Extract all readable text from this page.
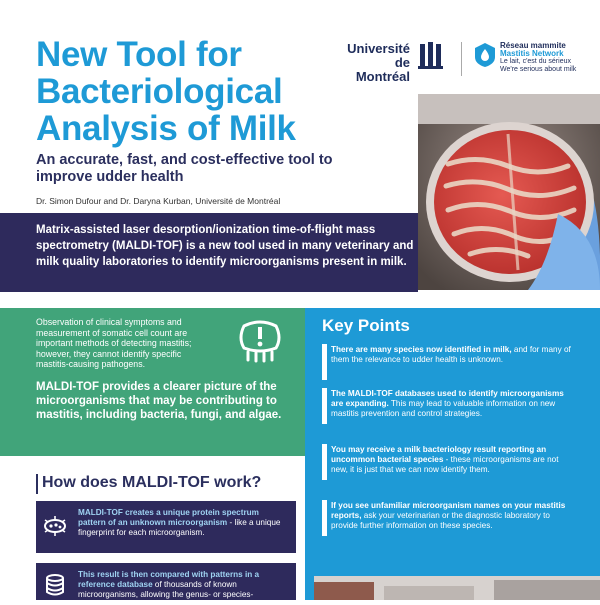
New Tool for
Bacteriological
Analysis of Milk
An accurate, fast, and cost-effective tool to improve udder health
Dr. Simon Dufour and Dr. Daryna Kurban, Université de Montréal
Université
de Montréal
Réseau mammite
Mastitis Network
Le lait, c'est du sérieux
We're serious about milk
Matrix-assisted laser desorption/ionization time-of-flight mass spectrometry (MALDI-TOF) is a new tool used in many veterinary and milk quality laboratories to identify microorganisms present in milk.
Observation of clinical symptoms and measurement of somatic cell count are important methods of detecting mastitis; however, they cannot identify specific mastitis-causing pathogens.
MALDI-TOF provides a clearer picture of the microorganisms that may be contributing to mastitis, including bacteria, fungi, and algae.
Key Points
There are many species now identified in milk, and for many of them the relevance to udder health is unknown.
The MALDI-TOF databases used to identify microorganisms are expanding. This may lead to valuable information on new mastitis prevention and control strategies.
You may receive a milk bacteriology result reporting an uncommon bacterial species - these microorganisms are not new, it is just that we can now identify them.
If you see unfamiliar microorganism names on your mastitis reports, ask your veterinarian or the diagnostic laboratory to provide further information on these species.
How does MALDI-TOF work?
MALDI-TOF creates a unique protein spectrum pattern of an unknown microorganism - like a unique fingerprint for each microorganism.
This result is then compared with patterns in a reference database of thousands of known microorganisms, allowing the genus- or species-
